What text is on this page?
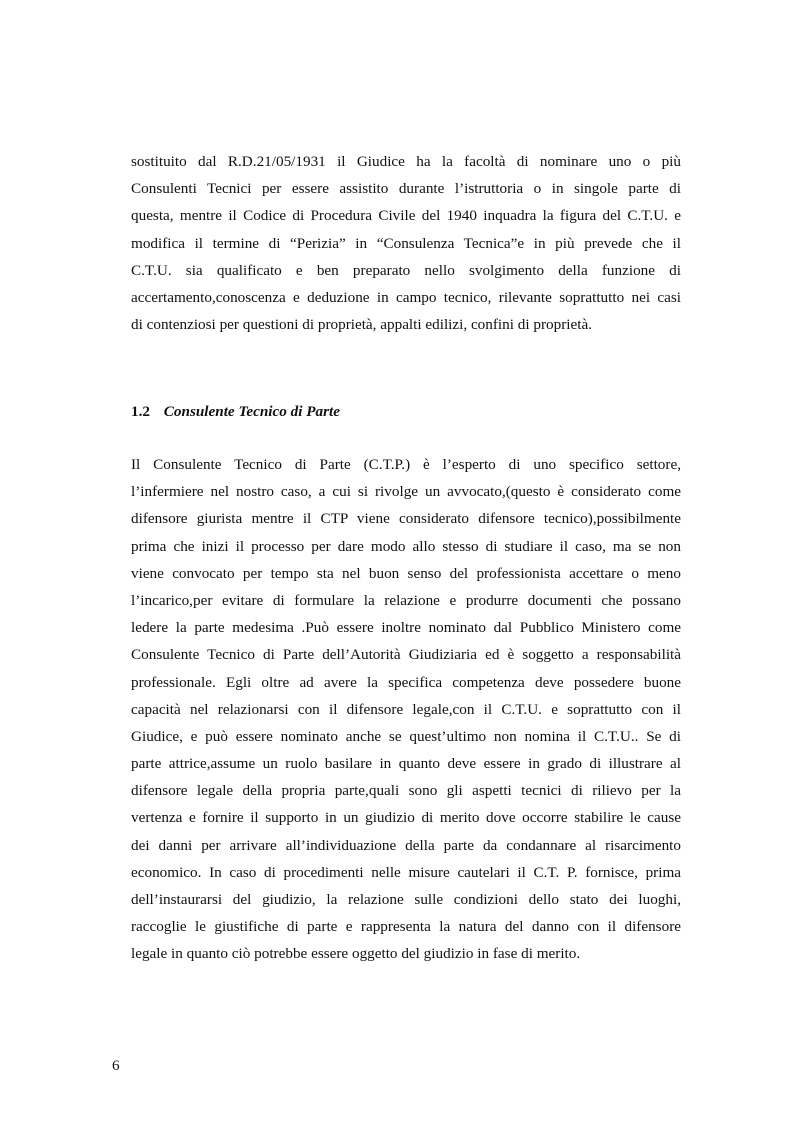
sostituito dal R.D.21/05/1931 il Giudice ha la facoltà di nominare uno o più
Consulenti Tecnici per essere assistito durante l’istruttoria o in singole parte di
questa, mentre il Codice di Procedura Civile del 1940 inquadra la figura del C.T.U. e
modifica il termine di “Perizia” in “Consulenza Tecnica”e in più prevede che il
C.T.U. sia qualificato e ben preparato nello svolgimento della funzione di
accertamento,conoscenza e deduzione in campo tecnico, rilevante soprattutto nei casi
di contenziosi per questioni di proprietà, appalti edilizi, confini di proprietà.
1.2 Consulente Tecnico di Parte
Il Consulente Tecnico di Parte (C.T.P.) è l’esperto di uno specifico settore,
l’infermiere nel nostro caso, a cui si rivolge un avvocato,(questo è considerato come
difensore giurista mentre il CTP viene considerato difensore tecnico),possibilmente
prima che inizi il processo per dare modo allo stesso di studiare il caso, ma se non
viene convocato per tempo sta nel buon senso del professionista accettare o meno
l’incarico,per evitare di formulare la relazione e produrre documenti che possano
ledere la parte medesima .Può essere inoltre nominato dal Pubblico Ministero come
Consulente Tecnico di Parte dell’Autorità Giudiziaria ed è soggetto a responsabilità
professionale. Egli oltre ad avere la specifica competenza deve possedere buone
capacità nel relazionarsi con il difensore legale,con il C.T.U. e soprattutto con il
Giudice, e può essere nominato anche se quest’ultimo non nomina il C.T.U.. Se di
parte attrice,assume un ruolo basilare in quanto deve essere in grado di illustrare al
difensore legale della propria parte,quali sono gli aspetti tecnici di rilievo per la
vertenza e fornire il supporto in un giudizio di merito dove occorre stabilire le cause
dei danni per arrivare all’individuazione della parte da condannare al risarcimento
economico. In caso di procedimenti nelle misure cautelari il C.T. P. fornisce, prima
dell’instaurarsi del giudizio, la relazione sulle condizioni dello stato dei luoghi,
raccoglie le giustifiche di parte e rappresenta la natura del danno con il difensore
legale in quanto ciò potrebbe essere oggetto del giudizio in fase di merito.
6
